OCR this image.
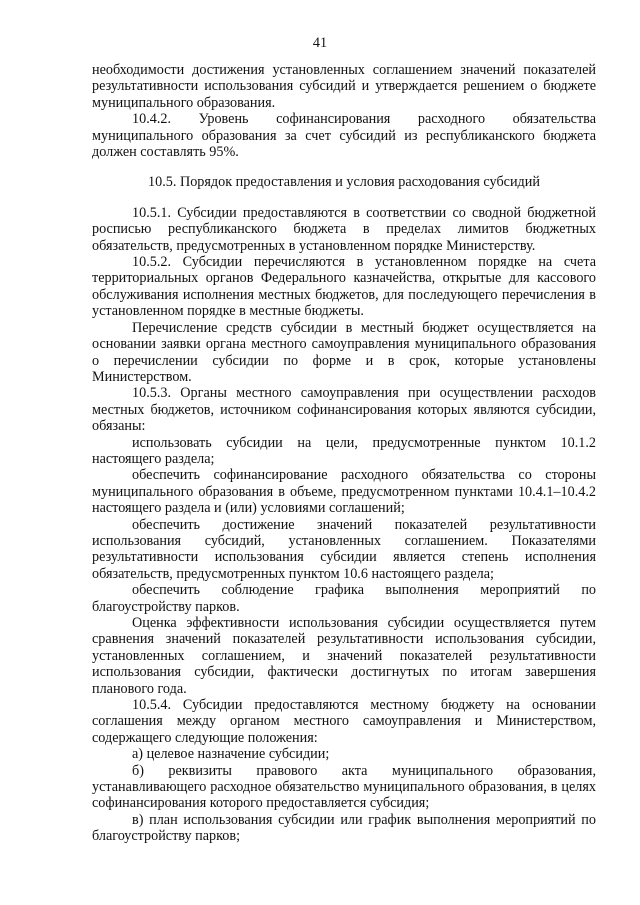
41

необходимости достижения установленных соглашением значений показателей результативности использования субсидий и утверждается решением о бюджете муниципального образования.

10.4.2. Уровень софинансирования расходного обязательства муниципального образования за счет субсидий из республиканского бюджета должен составлять 95%.

10.5. Порядок предоставления и условия расходования субсидий

10.5.1. Субсидии предоставляются в соответствии со сводной бюджетной росписью республиканского бюджета в пределах лимитов бюджетных обязательств, предусмотренных в установленном порядке Министерству.

10.5.2. Субсидии перечисляются в установленном порядке на счета территориальных органов Федерального казначейства, открытые для кассового обслуживания исполнения местных бюджетов, для последующего перечисления в установленном порядке в местные бюджеты.

Перечисление средств субсидии в местный бюджет осуществляется на основании заявки органа местного самоуправления муниципального образования о перечислении субсидии по форме и в срок, которые установлены Министерством.

10.5.3. Органы местного самоуправления при осуществлении расходов местных бюджетов, источником софинансирования которых являются субсидии, обязаны:

использовать субсидии на цели, предусмотренные пунктом 10.1.2 настоящего раздела;

обеспечить софинансирование расходного обязательства со стороны муниципального образования в объеме, предусмотренном пунктами 10.4.1–10.4.2 настоящего раздела и (или) условиями соглашений;

обеспечить достижение значений показателей результативности использования субсидий, установленных соглашением. Показателями результативности использования субсидии является степень исполнения обязательств, предусмотренных пунктом 10.6 настоящего раздела;

обеспечить соблюдение графика выполнения мероприятий по благоустройству парков.

Оценка эффективности использования субсидии осуществляется путем сравнения значений показателей результативности использования субсидии, установленных соглашением, и значений показателей результативности использования субсидии, фактически достигнутых по итогам завершения планового года.

10.5.4. Субсидии предоставляются местному бюджету на основании соглашения между органом местного самоуправления и Министерством, содержащего следующие положения:

а) целевое назначение субсидии;

б) реквизиты правового акта муниципального образования, устанавливающего расходное обязательство муниципального образования, в целях софинансирования которого предоставляется субсидия;

в) план использования субсидии или график выполнения мероприятий по благоустройству парков;
